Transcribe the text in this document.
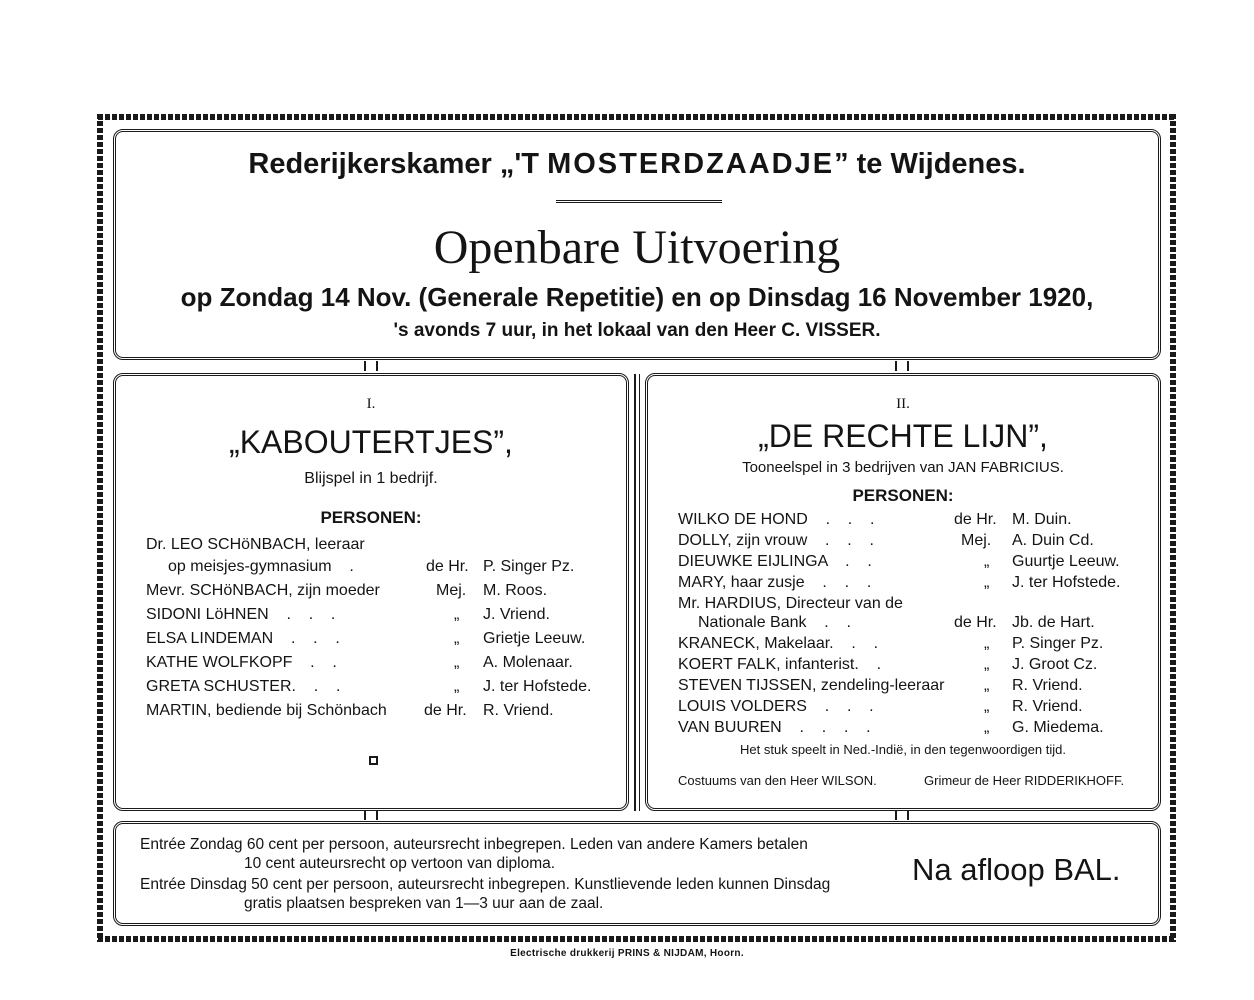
Rederijkerskamer „'T MOSTERDZAADJE” te Wijdenes.
Openbare Uitvoering
op Zondag 14 Nov. (Generale Repetitie) en op Dinsdag 16 November 1920,
's avonds 7 uur, in het lokaal van den Heer C. VISSER.
I.
„KABOUTERTJES”,
Blijspel in 1 bedrijf.
PERSONEN:
Dr. LEO SCHöNBACH, leeraar
op meisjes-gymnasium    .	de Hr. P. Singer Pz.
Mevr. SCHöNBACH, zijn moeder	Mej. M. Roos.
SIDONI LöHNEN    .    .    .	„ J. Vriend.
ELSA LINDEMAN    .    .    .	„ Grietje Leeuw.
KATHE WOLFKOPF    .    .	„ A. Molenaar.
GRETA SCHUSTER.    .    .	„ J. ter Hofstede.
MARTIN, bediende bij Schönbach de Hr. R. Vriend.
II.
„DE RECHTE LIJN”,
Tooneelspel in 3 bedrijven van JAN FABRICIUS.
PERSONEN:
WILKO DE HOND    .    .    .	de Hr. M. Duin.
DOLLY, zijn vrouw    .    .    .	Mej. A. Duin Cd.
DIEUWKE EIJLINGA    .    .	„ Guurtje Leeuw.
MARY, haar zusje    .    .    .	„ J. ter Hofstede.
Mr. HARDIUS, Directeur van de
Nationale Bank    .    .	de Hr. Jb. de Hart.
KRANECK, Makelaar.    .    .	„ P. Singer Pz.
KOERT FALK, infanterist.    .	„ J. Groot Cz.
STEVEN TIJSSEN, zendeling-leeraar „ R. Vriend.
LOUIS VOLDERS    .    .    .	„ R. Vriend.
VAN BUUREN    .    .    .    .	„ G. Miedema.
Het stuk speelt in Ned.-Indië, in den tegenwoordigen tijd.
Costuums van den Heer WILSON.	Grimeur de Heer RIDDERIKHOFF.
Entrée Zondag 60 cent per persoon, auteursrecht inbegrepen. Leden van andere Kamers betalen
10 cent auteursrecht op vertoon van diploma.
Entrée Dinsdag 50 cent per persoon, auteursrecht inbegrepen. Kunstlievende leden kunnen Dinsdag
gratis plaatsen bespreken van 1—3 uur aan de zaal.
Na afloop BAL.
Electrische drukkerij PRINS & NIJDAM, Hoorn.
